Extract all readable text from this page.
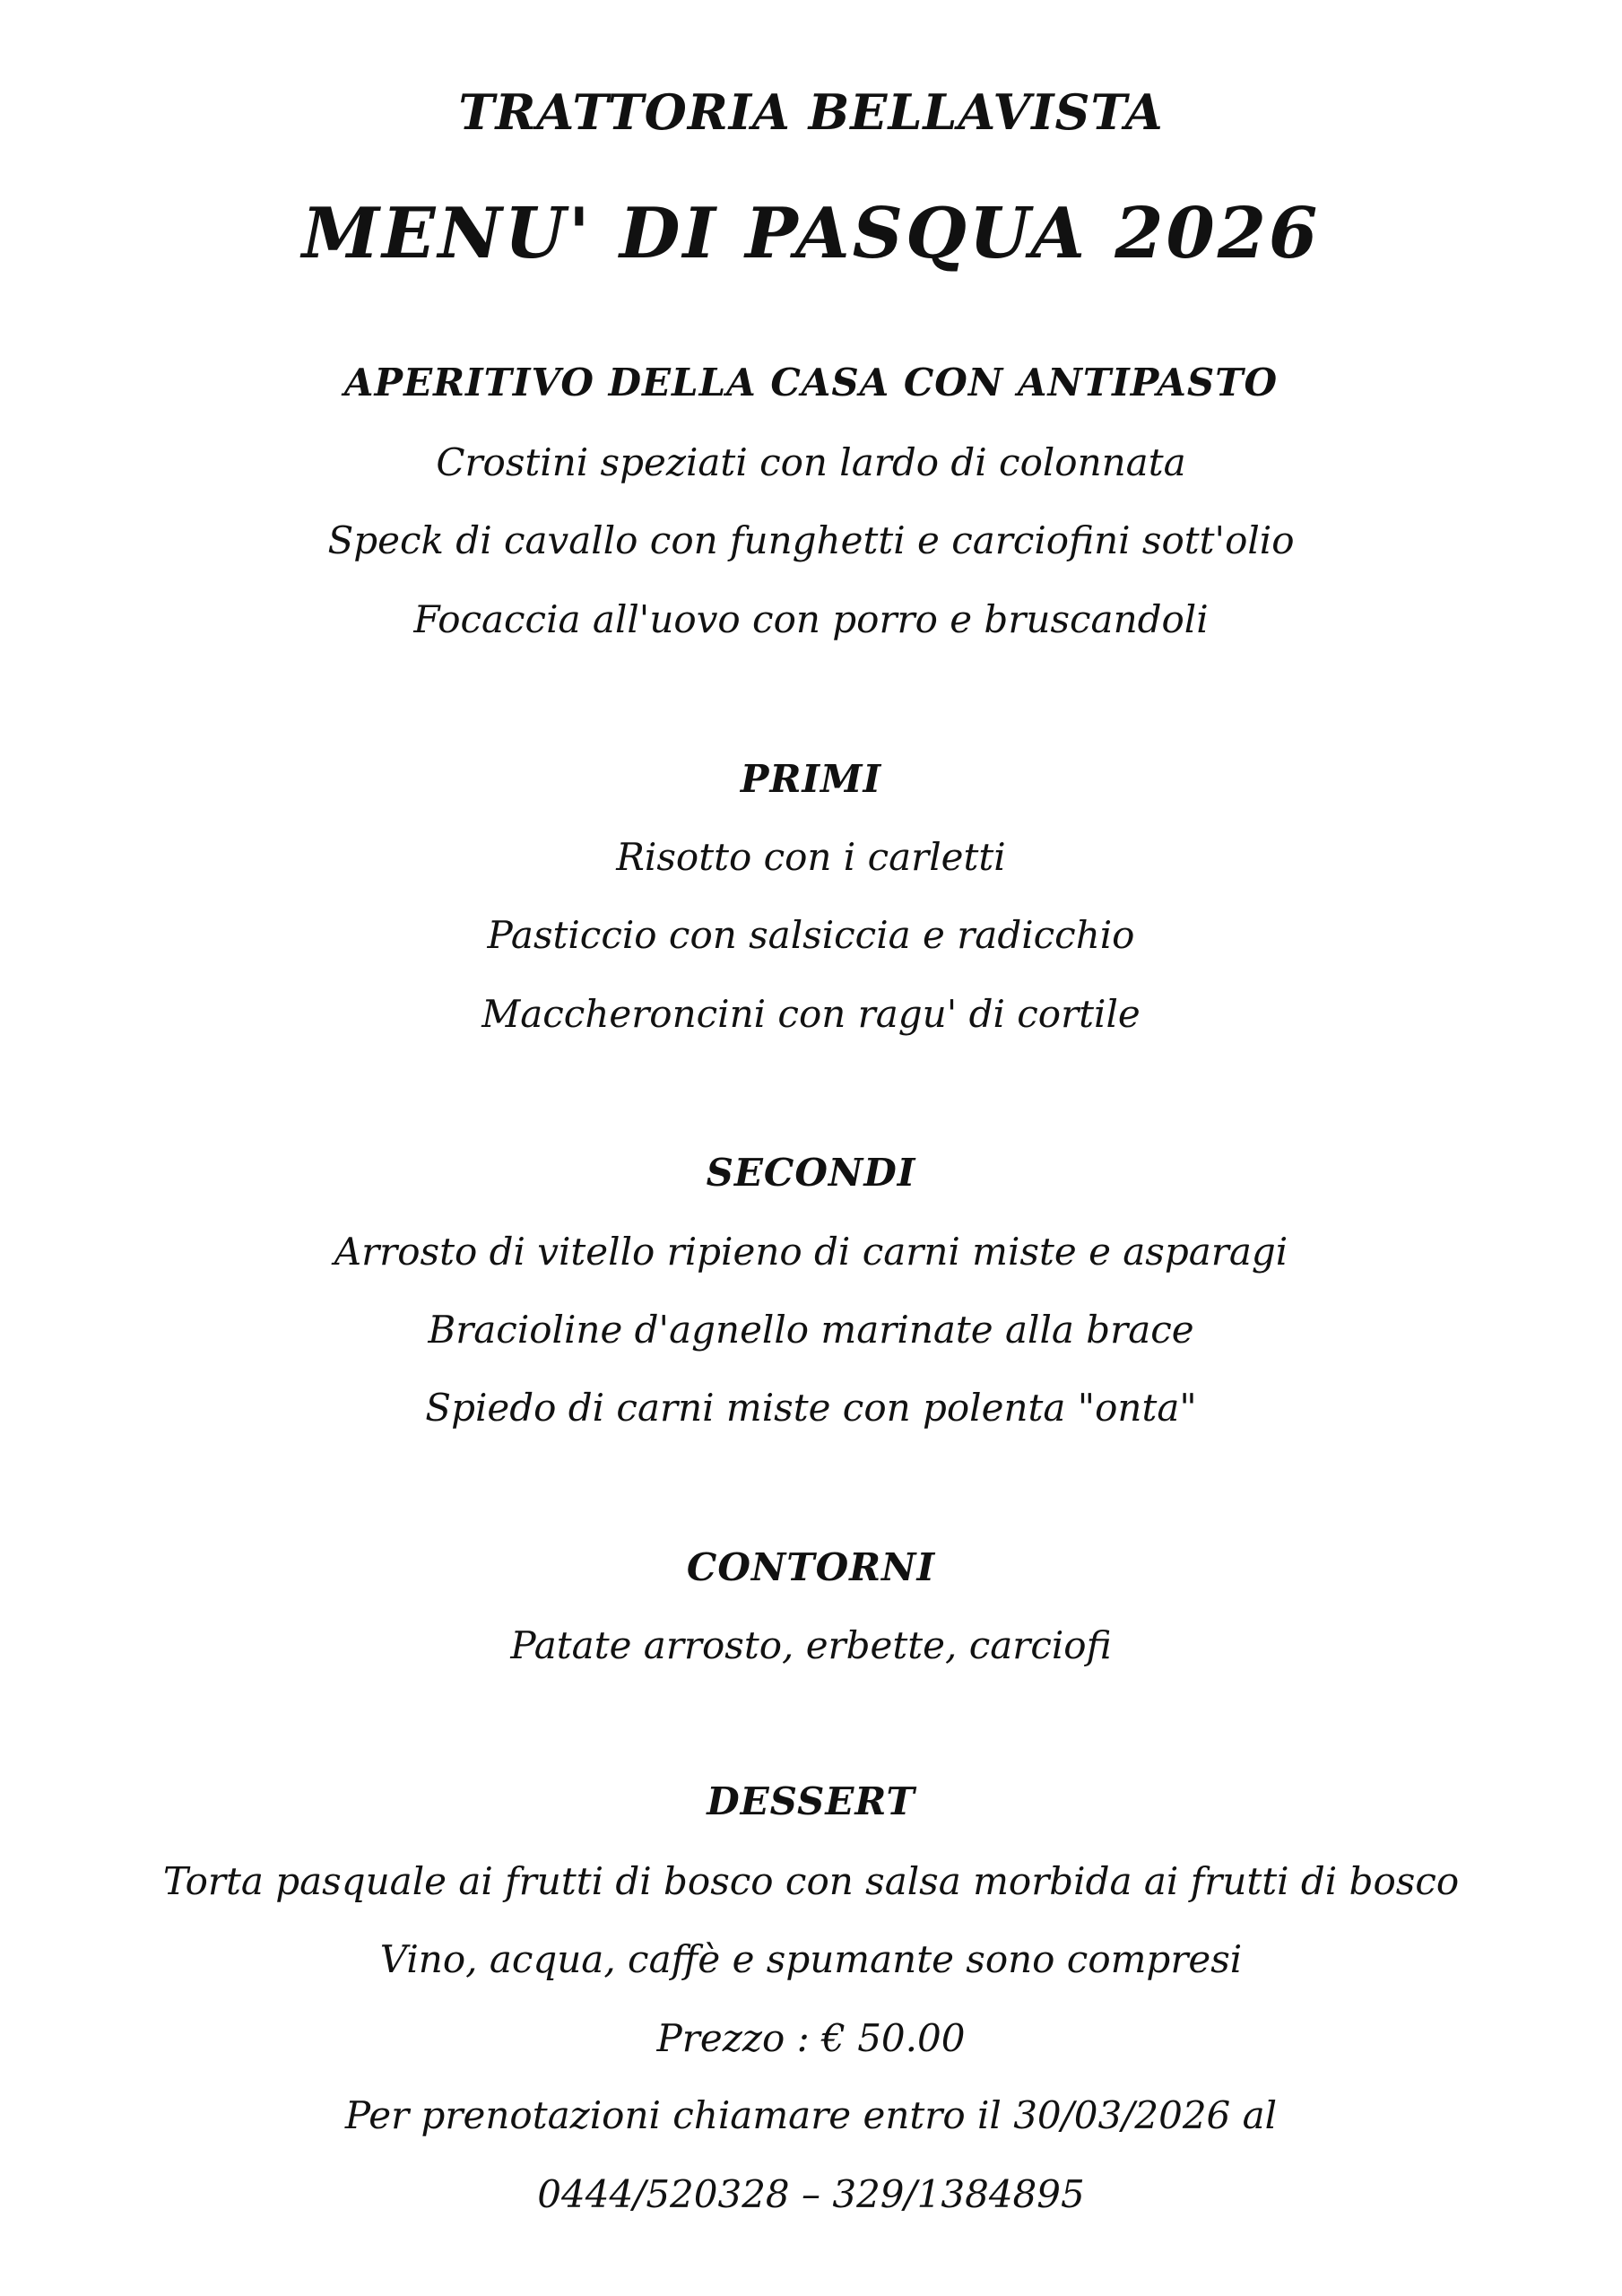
TRATTORIA BELLAVISTA
MENU' DI PASQUA 2026
APERITIVO DELLA CASA CON ANTIPASTO
Crostini speziati con lardo di colonnata
Speck di cavallo con funghetti e carciofini sott'olio
Focaccia all'uovo con porro e bruscandoli
PRIMI
Risotto con i carletti
Pasticcio con salsiccia e radicchio
Maccheroncini con ragu' di cortile
SECONDI
Arrosto di vitello ripieno di carni miste e asparagi
Bracioline d'agnello marinate alla brace
Spiedo di carni miste con polenta "onta"
CONTORNI
Patate arrosto, erbette, carciofi
DESSERT
Torta pasquale ai frutti di bosco con salsa morbida ai frutti di bosco
Vino, acqua, caffè e spumante sono compresi
Prezzo : € 50.00
Per prenotazioni chiamare entro il 30/03/2026 al
0444/520328 – 329/1384895
